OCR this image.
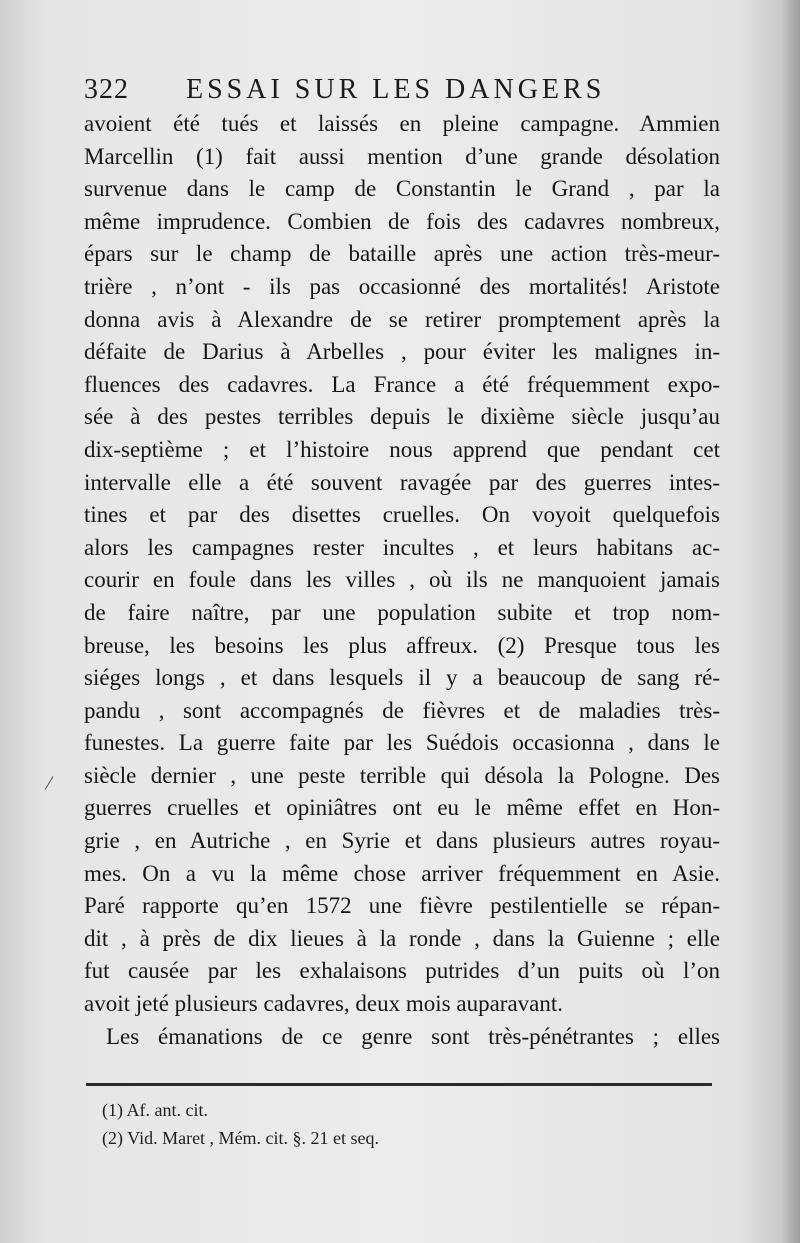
322 ESSAI SUR LES DANGERS
avoient été tués et laissés en pleine campagne. Ammien
Marcellin (1) fait aussi mention d’une grande désolation
survenue dans le camp de Constantin le Grand , par la
même imprudence. Combien de fois des cadavres nombreux,
épars sur le champ de bataille après une action très-meur-
trière , n’ont - ils pas occasionné des mortalités! Aristote
donna avis à Alexandre de se retirer promptement après la
défaite de Darius à Arbelles , pour éviter les malignes in-
fluences des cadavres. La France a été fréquemment expo-
sée à des pestes terribles depuis le dixième siècle jusqu’au
dix-septième ; et l’histoire nous apprend que pendant cet
intervalle elle a été souvent ravagée par des guerres intes-
tines et par des disettes cruelles. On voyoit quelquefois
alors les campagnes rester incultes , et leurs habitans ac-
courir en foule dans les villes , où ils ne manquoient jamais
de faire naître, par une population subite et trop nom-
breuse, les besoins les plus affreux. (2) Presque tous les
siéges longs , et dans lesquels il y a beaucoup de sang ré-
pandu , sont accompagnés de fièvres et de maladies très-
funestes. La guerre faite par les Suédois occasionna , dans le
siècle dernier , une peste terrible qui désola la Pologne. Des
guerres cruelles et opiniâtres ont eu le même effet en Hon-
grie , en Autriche , en Syrie et dans plusieurs autres royau-
mes. On a vu la même chose arriver fréquemment en Asie.
Paré rapporte qu’en 1572 une fièvre pestilentielle se répan-
dit , à près de dix lieues à la ronde , dans la Guienne ; elle
fut causée par les exhalaisons putrides d’un puits où l’on
avoit jeté plusieurs cadavres, deux mois auparavant.
Les émanations de ce genre sont très-pénétrantes ; elles
/
(1) Af. ant. cit.
(2) Vid. Maret , Mém. cit. §. 21 et seq.
